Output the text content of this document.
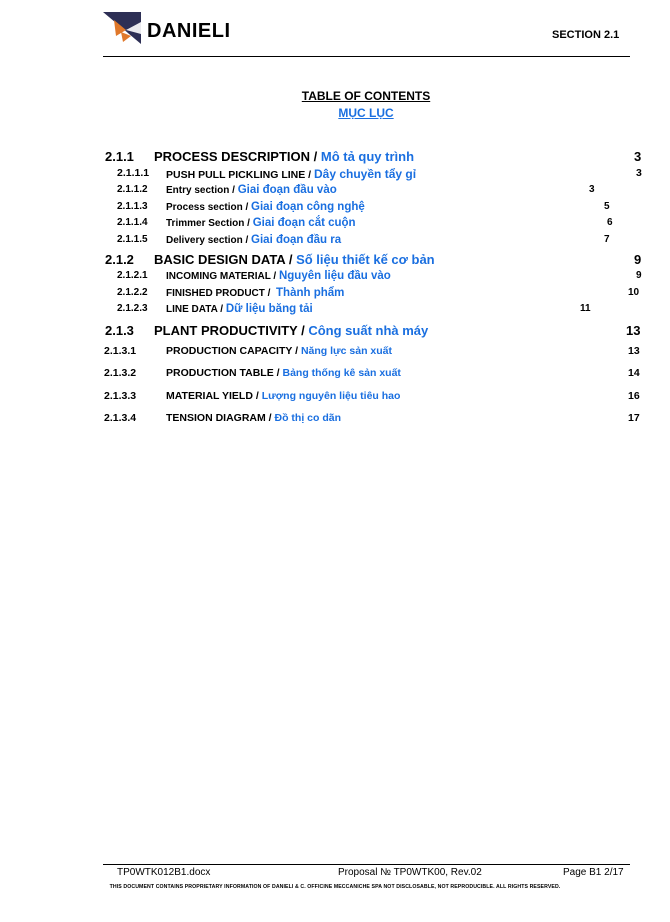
DANIELI	SECTION 2.1
TABLE OF CONTENTS
MỤC LỤC
2.1.1 PROCESS DESCRIPTION / Mô tả quy trình	3
2.1.1.1 PUSH PULL PICKLING LINE / Dây chuyền tẩy gỉ	3
2.1.1.2 Entry section / Giai đoạn đầu vào	3
2.1.1.3 Process section / Giai đoạn công nghệ	5
2.1.1.4 Trimmer Section / Giai đoạn cắt cuộn	6
2.1.1.5 Delivery section / Giai đoạn đầu ra	7
2.1.2 BASIC DESIGN DATA / Số liệu thiết kế cơ bản	9
2.1.2.1 INCOMING MATERIAL / Nguyên liệu đầu vào	9
2.1.2.2 FINISHED PRODUCT / Thành phẩm	10
2.1.2.3 LINE DATA / Dữ liệu băng tải	11
2.1.3 PLANT PRODUCTIVITY / Công suất nhà máy	13
2.1.3.1	PRODUCTION CAPACITY / Năng lực sản xuất	13
2.1.3.2	PRODUCTION TABLE / Bảng thống kê sản xuất	14
2.1.3.3	MATERIAL YIELD / Lượng nguyên liệu tiêu hao	16
2.1.3.4	TENSION DIAGRAM / Đồ thị co dãn	17
TP0WTK012B1.docx	Proposal № TP0WTK00, Rev.02	Page B1 2/17
THIS DOCUMENT CONTAINS PROPRIETARY INFORMATION OF DANIELI & C. OFFICINE MECCANICHE SPA NOT DISCLOSABLE, NOT REPRODUCIBLE. ALL RIGHTS RESERVED.
